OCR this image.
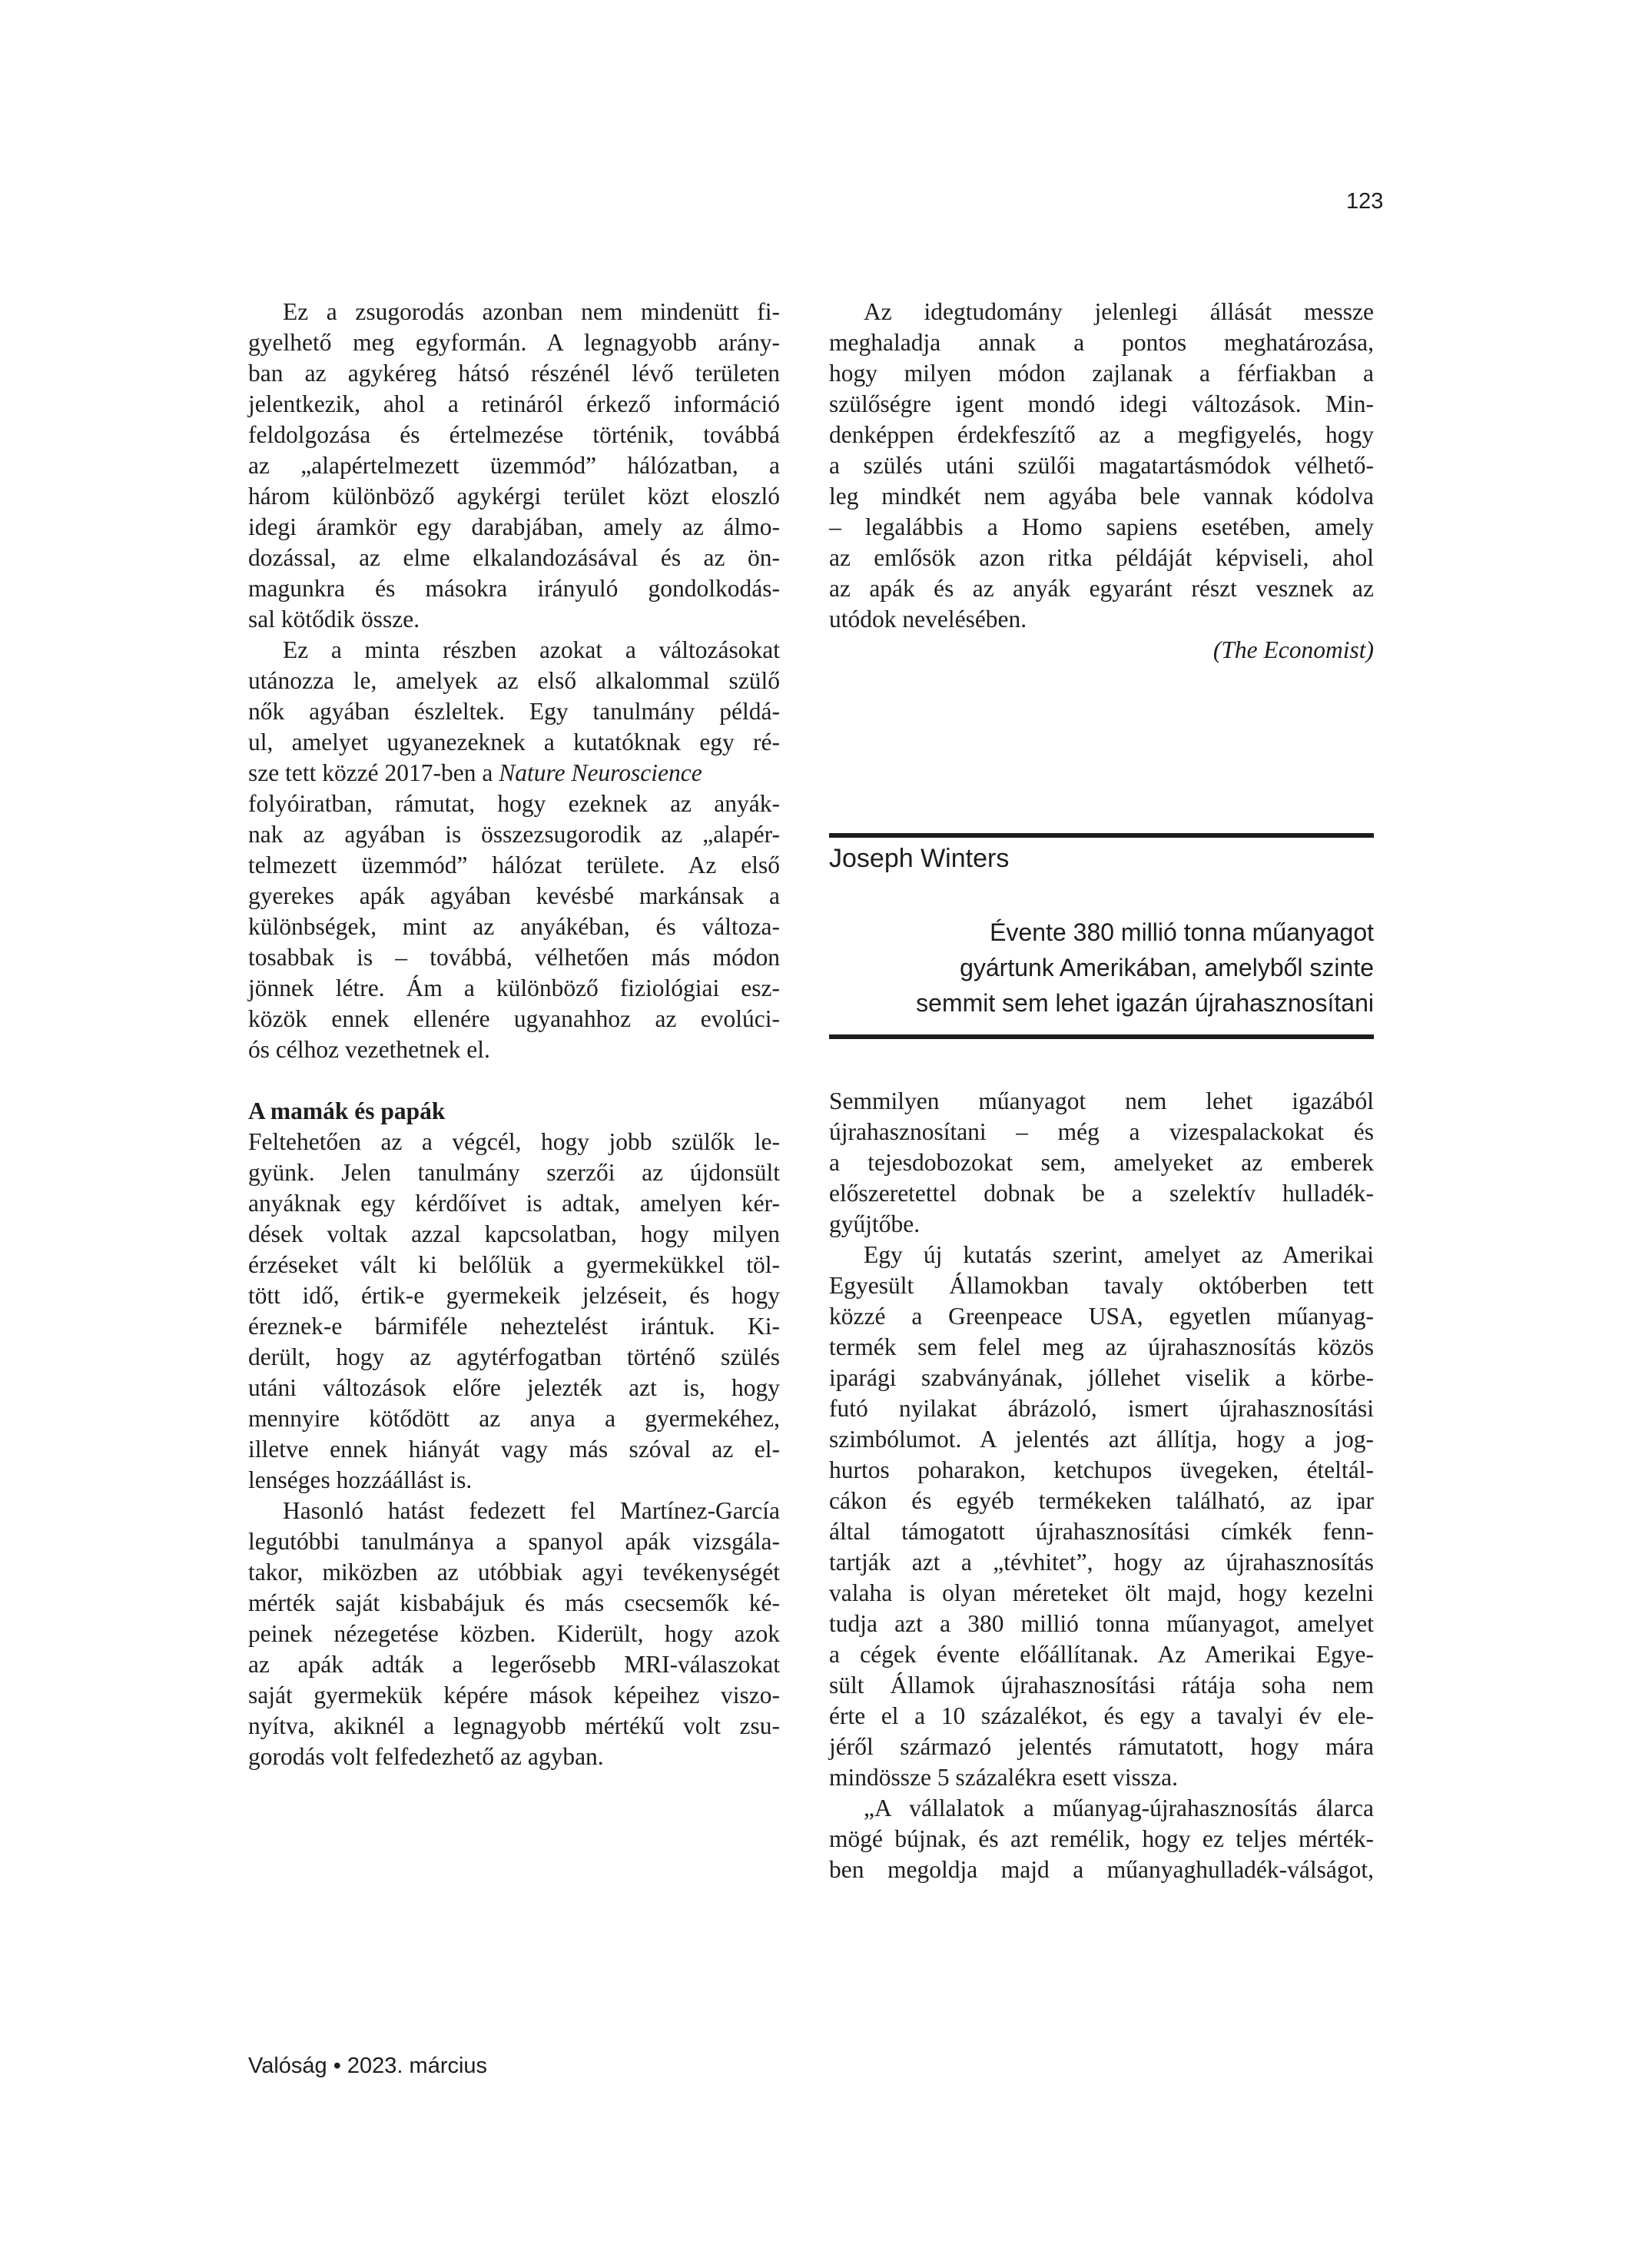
123
Ez a zsugorodás azonban nem mindenütt fi-
gyelhető meg egyformán. A legnagyobb arány-
ban az agykéreg hátsó részénél lévő területen
jelentkezik, ahol a retináról érkező információ
feldolgozása és értelmezése történik, továbbá
az „alapértelmezett üzemmód” hálózatban, a
három különböző agykérgi terület közt eloszló
idegi áramkör egy darabjában, amely az álmo-
dozással, az elme elkalandozásával és az ön-
magunkra és másokra irányuló gondolkodás-
sal kötődik össze.
Ez a minta részben azokat a változásokat
utánozza le, amelyek az első alkalommal szülő
nők agyában észleltek. Egy tanulmány példá-
ul, amelyet ugyanezeknek a kutatóknak egy ré-
sze tett közzé 2017-ben a Nature Neuroscience
folyóiratban, rámutat, hogy ezeknek az anyák-
nak az agyában is összezsugorodik az „alapér-
telmezett üzemmód” hálózat területe. Az első
gyerekes apák agyában kevésbé markánsak a
különbségek, mint az anyákéban, és változa-
tosabbak is – továbbá, vélhetően más módon
jönnek létre. Ám a különböző fiziológiai esz-
közök ennek ellenére ugyanahhoz az evolúci-
ós célhoz vezethetnek el.
A mamák és papák
Feltehetően az a végcél, hogy jobb szülők le-
gyünk. Jelen tanulmány szerzői az újdonsült
anyáknak egy kérdőívet is adtak, amelyen kér-
dések voltak azzal kapcsolatban, hogy milyen
érzéseket vált ki belőlük a gyermekükkel töl-
tött idő, értik-e gyermekeik jelzéseit, és hogy
éreznek-e bármiféle neheztelést irántuk. Ki-
derült, hogy az agytérfogatban történő szülés
utáni változások előre jelezték azt is, hogy
mennyire kötődött az anya a gyermekéhez,
illetve ennek hiányát vagy más szóval az el-
lenséges hozzáállást is.
Hasonló hatást fedezett fel Martínez-García
legutóbbi tanulmánya a spanyol apák vizsgála-
takor, miközben az utóbbiak agyi tevékenységét
mérték saját kisbabájuk és más csecsemők ké-
peinek nézegetése közben. Kiderült, hogy azok
az apák adták a legerősebb MRI-válaszokat
saját gyermekük képére mások képeihez viszo-
nyítva, akiknél a legnagyobb mértékű volt zsu-
gorodás volt felfedezhető az agyban.
Az idegtudomány jelenlegi állását messze
meghaladja annak a pontos meghatározása,
hogy milyen módon zajlanak a férfiakban a
szülőségre igent mondó idegi változások. Min-
denképpen érdekfeszítő az a megfigyelés, hogy
a szülés utáni szülői magatartásmódok vélhető-
leg mindkét nem agyába bele vannak kódolva
– legalábbis a Homo sapiens esetében, amely
az emlősök azon ritka példáját képviseli, ahol
az apák és az anyák egyaránt részt vesznek az
utódok nevelésében.
(The Economist)
Joseph Winters
Évente 380 millió tonna műanyagot
gyártunk Amerikában, amelyből szinte
semmit sem lehet igazán újrahasznosítani
Semmilyen műanyagot nem lehet igazából
újrahasznosítani – még a vizespalackokat és
a tejesdobozokat sem, amelyeket az emberek
előszeretettel dobnak be a szelektív hulladék-
gyűjtőbe.
Egy új kutatás szerint, amelyet az Amerikai
Egyesült Államokban tavaly októberben tett
közzé a Greenpeace USA, egyetlen műanyag-
termék sem felel meg az újrahasznosítás közös
iparági szabványának, jóllehet viselik a körbe-
futó nyilakat ábrázoló, ismert újrahasznosítási
szimbólumot. A jelentés azt állítja, hogy a jog-
hurtos poharakon, ketchupos üvegeken, ételtál-
cákon és egyéb termékeken található, az ipar
által támogatott újrahasznosítási címkék fenn-
tartják azt a „tévhitet”, hogy az újrahasznosítás
valaha is olyan méreteket ölt majd, hogy kezelni
tudja azt a 380 millió tonna műanyagot, amelyet
a cégek évente előállítanak. Az Amerikai Egye-
sült Államok újrahasznosítási rátája soha nem
érte el a 10 százalékot, és egy a tavalyi év ele-
jéről származó jelentés rámutatott, hogy mára
mindössze 5 százalékra esett vissza.
„A vállalatok a műanyag-újrahasznosítás álarca
mögé bújnak, és azt remélik, hogy ez teljes mérték-
ben megoldja majd a műanyaghulladék-válságot,
Valóság • 2023. március
